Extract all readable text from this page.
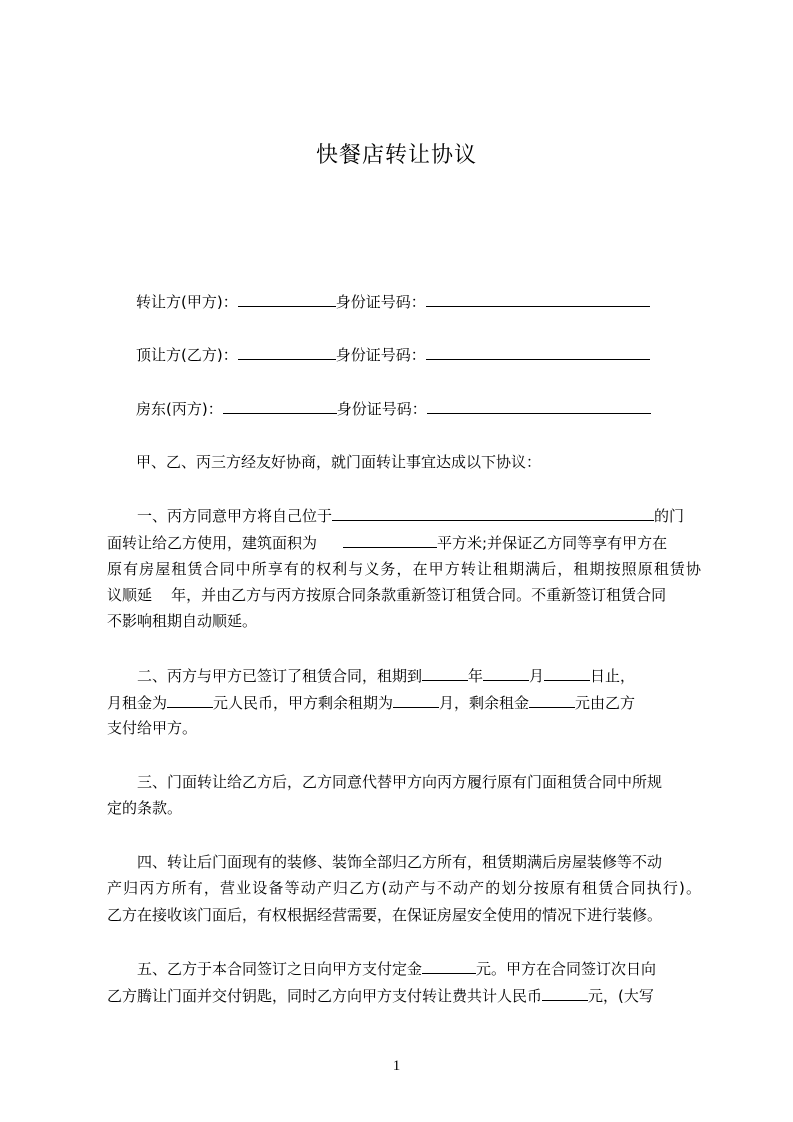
快餐店转让协议
转让方(甲方)：	身份证号码：
顶让方(乙方)：	身份证号码：
房东(丙方)：	身份证号码：
甲、乙、丙三方经友好协商，就门面转让事宜达成以下协议：
一、丙方同意甲方将自己位于	的门
面转让给乙方使用，建筑面积为	平方米;并保证乙方同等享有甲方在
原有房屋租赁合同中所享有的权利与义务，在甲方转让租期满后，租期按照原租赁协
议顺延    年，并由乙方与丙方按原合同条款重新签订租赁合同。不重新签订租赁合同
不影响租期自动顺延。
二、丙方与甲方已签订了租赁合同，租期到	年	月	日止，
月租金为	元人民币，甲方剩余租期为	月，剩余租金	元由乙方
支付给甲方。
三、门面转让给乙方后，乙方同意代替甲方向丙方履行原有门面租赁合同中所规
定的条款。
四、转让后门面现有的装修、装饰全部归乙方所有，租赁期满后房屋装修等不动
产归丙方所有，营业设备等动产归乙方(动产与不动产的划分按原有租赁合同执行)。
乙方在接收该门面后，有权根据经营需要，在保证房屋安全使用的情况下进行装修。
五、乙方于本合同签订之日向甲方支付定金	元。甲方在合同签订次日向
乙方腾让门面并交付钥匙，同时乙方向甲方支付转让费共计人民币	元，(大写
1
